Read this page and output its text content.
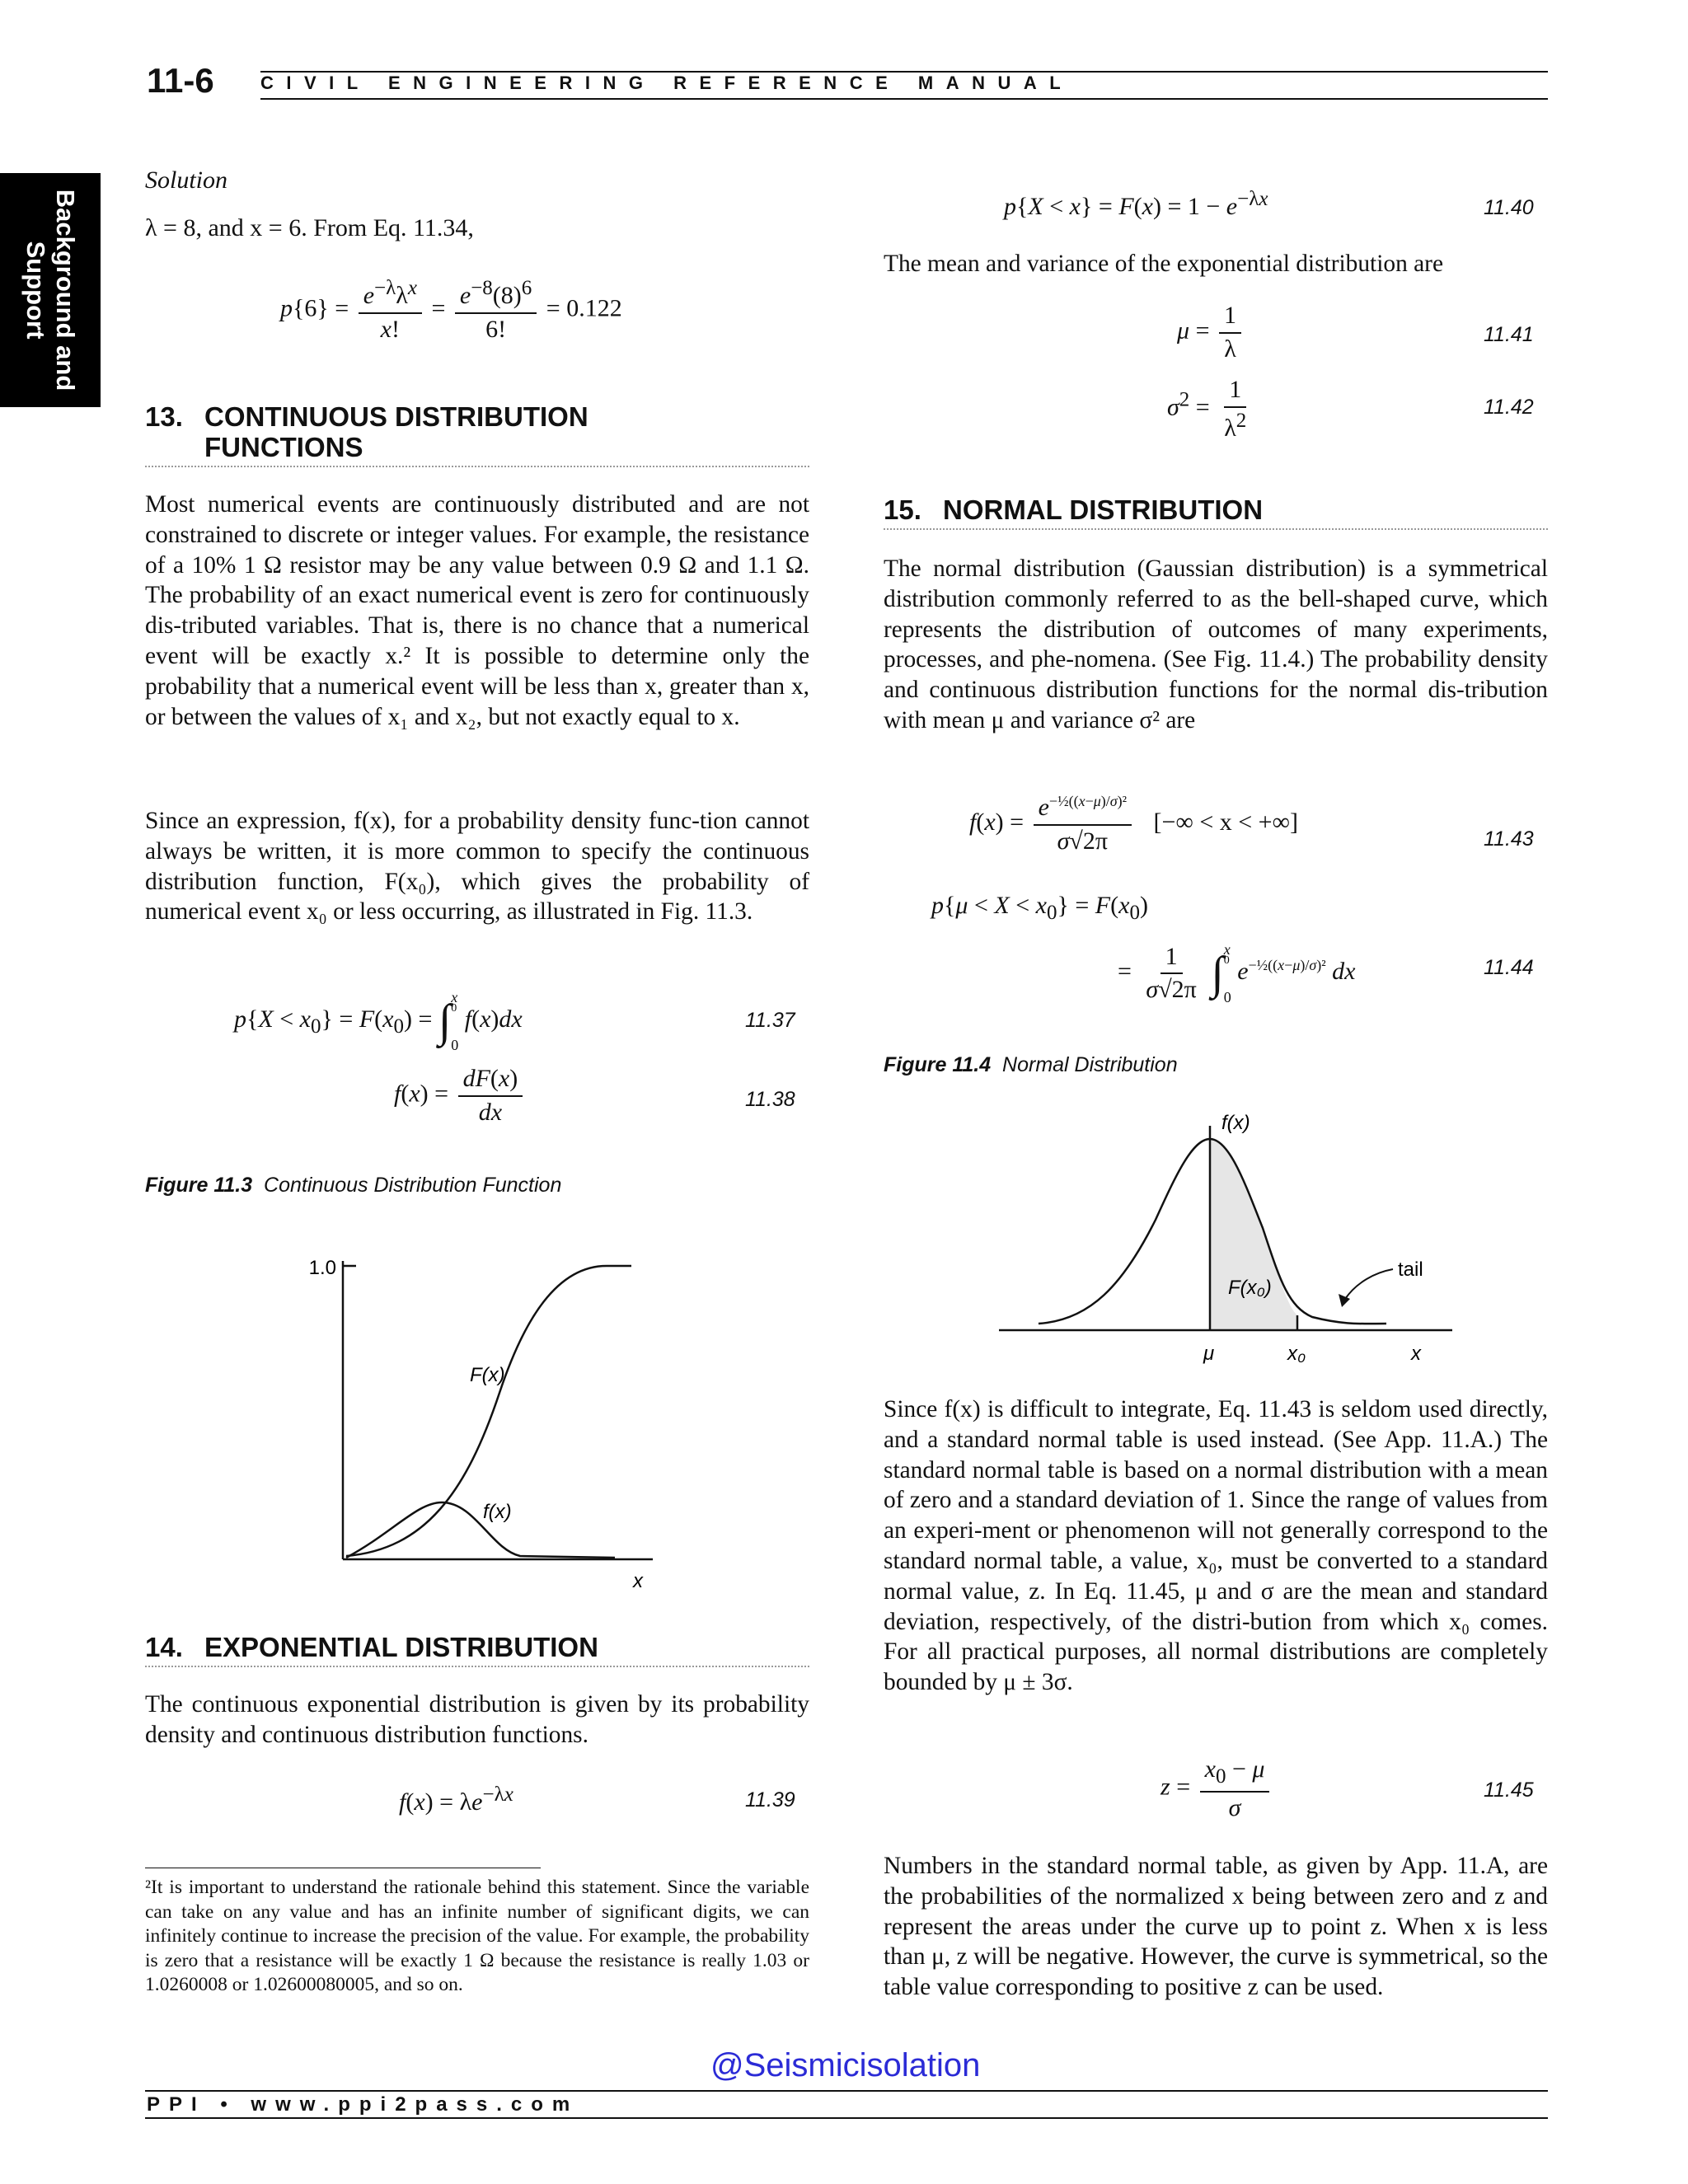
11-6	CIVIL ENGINEERING REFERENCE MANUAL
Background and
Support
Solution
λ = 8, and x = 6. From Eq. 11.34,
$p\{6\} = \frac{e^{-\lambda}\lambda^x}{x!} = \frac{e^{-8}(8)^6}{6!} = 0.122$
13. CONTINUOUS DISTRIBUTION
FUNCTIONS

Most numerical events are continuously distributed and are not constrained to discrete or integer values. For example, the resistance of a 10% 1 Ω resistor may be any value between 0.9 Ω and 1.1 Ω. The probability of an exact numerical event is zero for continuously dis-tributed variables. That is, there is no chance that a numerical event will be exactly x.² It is possible to determine only the probability that a numerical event will be less than x, greater than x, or between the values of x₁ and x₂, but not exactly equal to x.

Since an expression, f(x), for a probability density func-tion cannot always be written, it is more common to specify the continuous distribution function, F(x₀), which gives the probability of numerical event x₀ or less occurring, as illustrated in Fig. 11.3.

$p\{X < x_0\} = F(x_0)$ = ∫ x
0
0
f(x)dx	11.37
$f(x) = \frac{dF(x)}{dx}$	11.38
Figure 11.3 Continuous Distribution Function
1.0
F(x)
f(x)
x
14. EXPONENTIAL DISTRIBUTION

The continuous exponential distribution is given by its probability density and continuous distribution functions.

$f(x) = \lambda e^{-\lambda x}$	11.39
²It is important to understand the rationale behind this statement. Since the variable can take on any value and has an infinite number of significant digits, we can infinitely continue to increase the precision of the value. For example, the probability is zero that a resistance will be exactly 1 Ω because the resistance is really 1.03 or 1.0260008 or 1.02600080005, and so on.
$p\{X < x\} = F(x) = 1 - e^{-\lambda x}$	11.40
The mean and variance of the exponential distribution are
$\mu = \frac{1}{\lambda}$	11.41
$\sigma^2 = \frac{1}{\lambda^2}$	11.42
15. NORMAL DISTRIBUTION

The normal distribution (Gaussian distribution) is a symmetrical distribution commonly referred to as the bell-shaped curve, which represents the distribution of outcomes of many experiments, processes, and phe-nomena. (See Fig. 11.4.) The probability density and continuous distribution functions for the normal dis-tribution with mean μ and variance σ² are

$f(x) = \frac{e^{-\frac{1}{2}((x-\mu)/\sigma)^2}}{\sigma√2\pi}$ [−∞ < x < +∞]
11.43
$p\{\mu < X < x_0\} = F(x_0)$
= $\frac{1}{\sigma√2\pi}$ ∫ x
0
0
$e^{-\frac{1}{2}((x-\mu)/\sigma)^2}$ dx	11.44
Figure 11.4 Normal Distribution
f(x)
F(x₀)
tail
μ	x₀	x

Since f(x) is difficult to integrate, Eq. 11.43 is seldom used directly, and a standard normal table is used instead. (See App. 11.A.) The standard normal table is based on a normal distribution with a mean of zero and a standard deviation of 1. Since the range of values from an experi-ment or phenomenon will not generally correspond to the standard normal table, a value, x₀, must be converted to a standard normal value, z. In Eq. 11.45, μ and σ are the mean and standard deviation, respectively, of the distri-bution from which x₀ comes. For all practical purposes, all normal distributions are completely bounded by μ ± 3σ.

$z = \frac{x_0 - \mu}{\sigma}$	11.45

Numbers in the standard normal table, as given by App. 11.A, are the probabilities of the normalized x being between zero and z and represent the areas under the curve up to point z. When x is less than μ, z will be negative. However, the curve is symmetrical, so the table value corresponding to positive z can be used.

@Seismicisolation
PPI • www.ppi2pass.com
